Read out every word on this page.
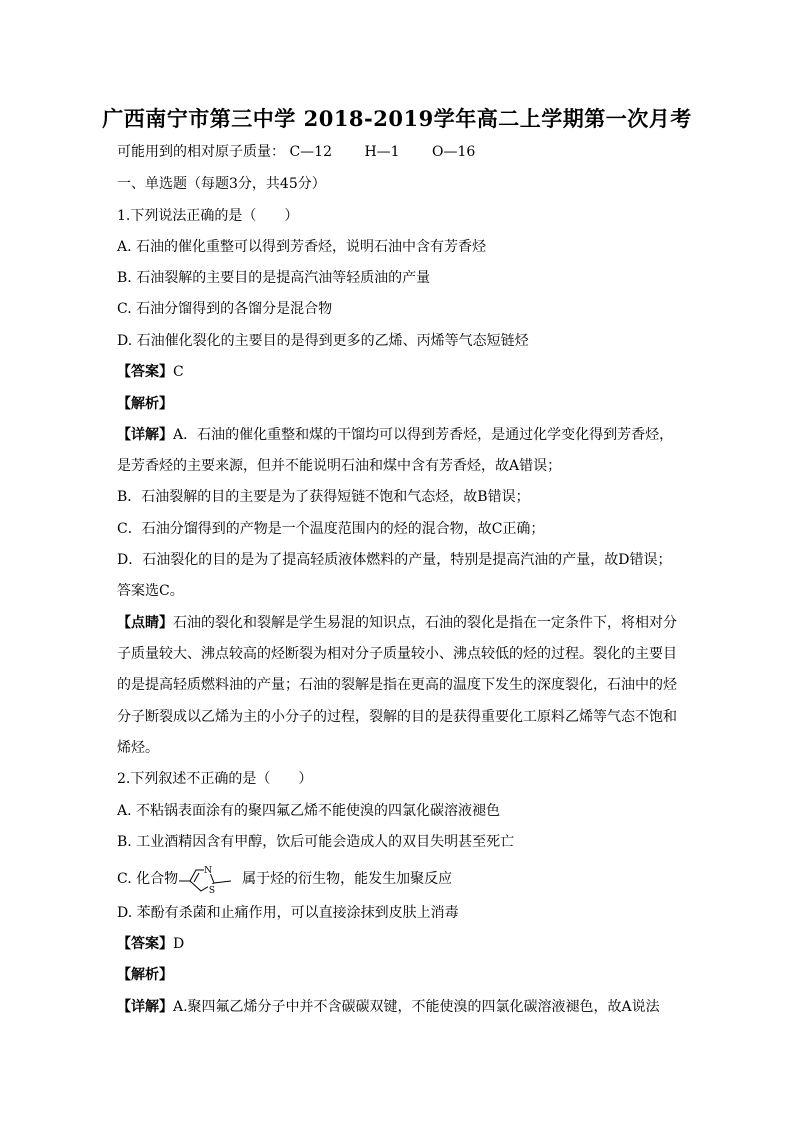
广西南宁市第三中学 2018-2019学年高二上学期第一次月考
可能用到的相对原子质量： C—12 H—1 O—16
一、单选题（每题3分，共45分）
1.下列说法正确的是（　　）
A. 石油的催化重整可以得到芳香烃，说明石油中含有芳香烃
B. 石油裂解的主要目的是提高汽油等轻质油的产量
C. 石油分馏得到的各馏分是混合物
D. 石油催化裂化的主要目的是得到更多的乙烯、丙烯等气态短链烃
【答案】C
【解析】
【详解】A．石油的催化重整和煤的干馏均可以得到芳香烃，是通过化学变化得到芳香烃，
是芳香烃的主要来源，但并不能说明石油和煤中含有芳香烃，故A错误；
B．石油裂解的目的主要是为了获得短链不饱和气态烃，故B错误；
C．石油分馏得到的产物是一个温度范围内的烃的混合物，故C正确；
D．石油裂化的目的是为了提高轻质液体燃料的产量，特别是提高汽油的产量，故D错误；
答案选C。
【点睛】石油的裂化和裂解是学生易混的知识点，石油的裂化是指在一定条件下，将相对分
子质量较大、沸点较高的烃断裂为相对分子质量较小、沸点较低的烃的过程。裂化的主要目
的是提高轻质燃料油的产量；石油的裂解是指在更高的温度下发生的深度裂化，石油中的烃
分子断裂成以乙烯为主的小分子的过程，裂解的目的是获得重要化工原料乙烯等气态不饱和
烯烃。
2.下列叙述不正确的是（　　）
A. 不粘锅表面涂有的聚四氟乙烯不能使溴的四氯化碳溶液褪色
B. 工业酒精因含有甲醇，饮后可能会造成人的双目失明甚至死亡
C. 化合物	N
S
属于烃的衍生物，能发生加聚反应
D. 苯酚有杀菌和止痛作用，可以直接涂抹到皮肤上消毒
【答案】D
【解析】
【详解】A.聚四氟乙烯分子中并不含碳碳双键，不能使溴的四氯化碳溶液褪色，故A说法
